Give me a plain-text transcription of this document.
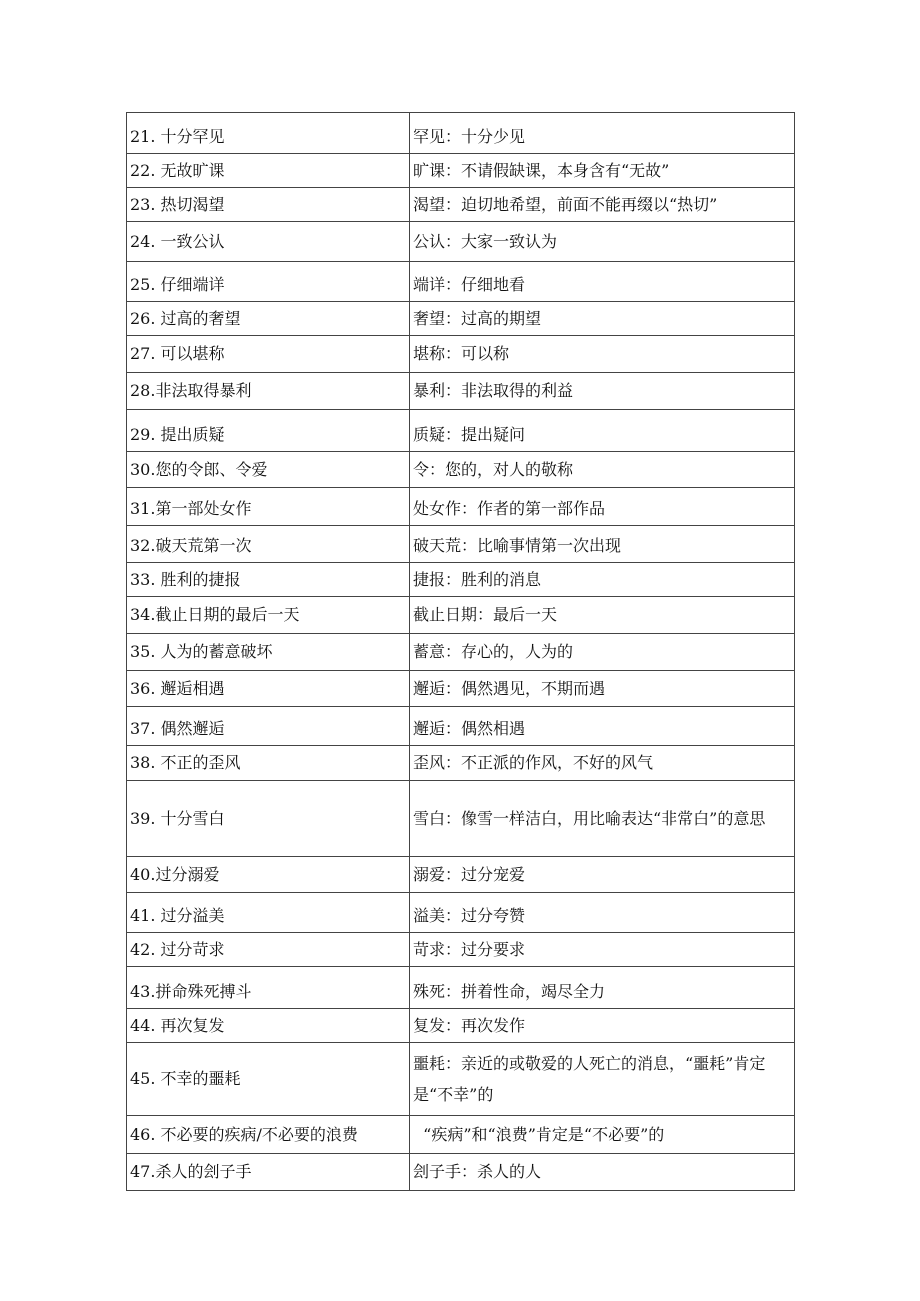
21. 十分罕见	罕见：十分少见
22. 无故旷课	旷课：不请假缺课，本身含有“无故”
23. 热切渴望	渴望：迫切地希望，前面不能再缀以“热切”
24. 一致公认	公认：大家一致认为
25. 仔细端详	端详：仔细地看
26. 过高的奢望	奢望：过高的期望
27. 可以堪称	堪称：可以称
28.非法取得暴利	暴利：非法取得的利益
29. 提出质疑	质疑：提出疑问
30.您的令郎、令爱	令：您的，对人的敬称
31.第一部处女作	处女作：作者的第一部作品
32.破天荒第一次	破天荒：比喻事情第一次出现
33. 胜利的捷报	捷报：胜利的消息
34.截止日期的最后一天	截止日期：最后一天
35. 人为的蓄意破坏	蓄意：存心的，人为的
36. 邂逅相遇	邂逅：偶然遇见，不期而遇
37. 偶然邂逅	邂逅：偶然相遇
38. 不正的歪风	歪风：不正派的作风，不好的风气
39. 十分雪白	雪白：像雪一样洁白，用比喻表达“非常白”的意思
40.过分溺爱	溺爱：过分宠爱
41. 过分溢美	溢美：过分夸赞
42. 过分苛求	苛求：过分要求
43.拼命殊死搏斗	殊死：拼着性命，竭尽全力
44. 再次复发	复发：再次发作
45. 不幸的噩耗	噩耗：亲近的或敬爱的人死亡的消息，“噩耗”肯定是“不幸”的
46. 不必要的疾病/不必要的浪费	“疾病”和“浪费”肯定是“不必要”的
47.杀人的刽子手	刽子手：杀人的人
